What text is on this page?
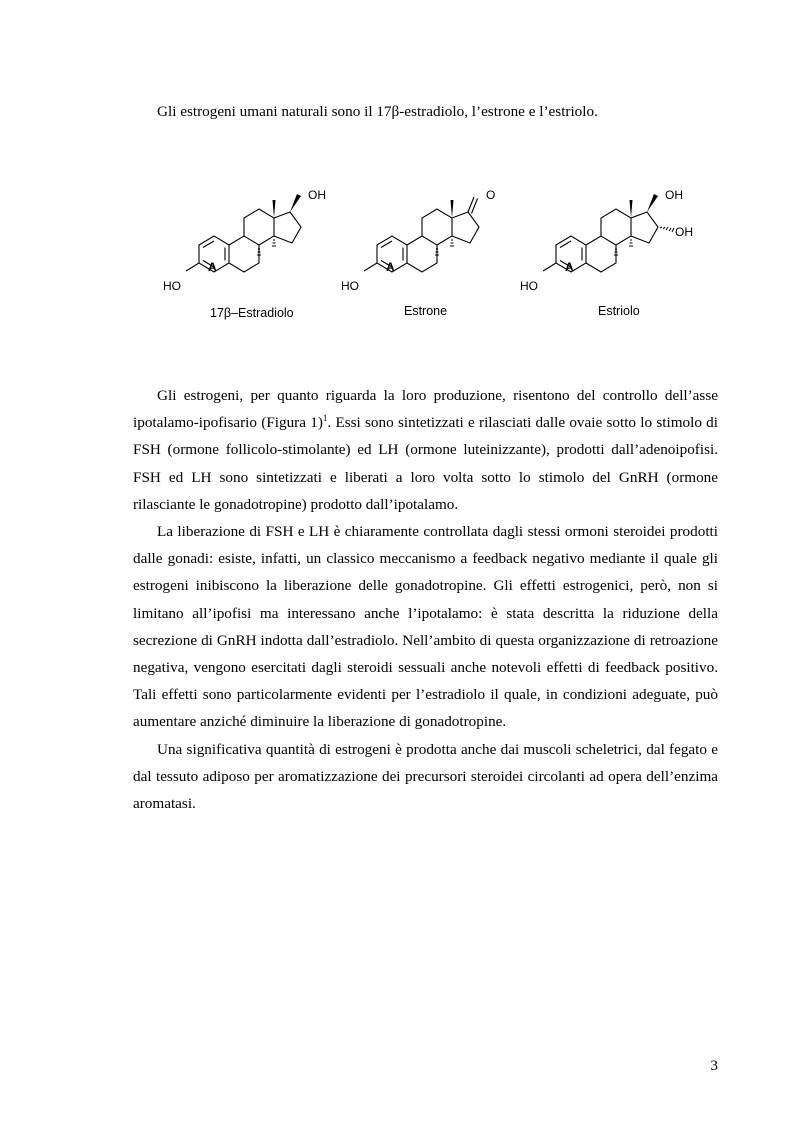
Gli estrogeni umani naturali sono il 17β-estradiolo, l’estrone e l’estriolo.

A
HO
OH
17β–Estradiolo
A
HO
O
Estrone
A
HO
OH
OH
Estriolo

Gli estrogeni, per quanto riguarda la loro produzione, risentono del controllo dell’asse ipotalamo-ipofisario (Figura 1)$^1$. Essi sono sintetizzati e rilasciati dalle ovaie sotto lo stimolo di FSH (ormone follicolo-stimolante) ed LH (ormone luteinizzante), prodotti dall’adenoipofisi. FSH ed LH sono sintetizzati e liberati a loro volta sotto lo stimolo del GnRH (ormone rilasciante le gonadotropine) prodotto dall’ipotalamo.

La liberazione di FSH e LH è chiaramente controllata dagli stessi ormoni steroidei prodotti dalle gonadi: esiste, infatti, un classico meccanismo a feedback negativo mediante il quale gli estrogeni inibiscono la liberazione delle gonadotropine. Gli effetti estrogenici, però, non si limitano all’ipofisi ma interessano anche l’ipotalamo: è stata descritta la riduzione della secrezione di GnRH indotta dall’estradiolo. Nell’ambito di questa organizzazione di retroazione negativa, vengono esercitati dagli steroidi sessuali anche notevoli effetti di feedback positivo. Tali effetti sono particolarmente evidenti per l’estradiolo il quale, in condizioni adeguate, può aumentare anziché diminuire la liberazione di gonadotropine.

Una significativa quantità di estrogeni è prodotta anche dai muscoli scheletrici, dal fegato e dal tessuto adiposo per aromatizzazione dei precursori steroidei circolanti ad opera dell’enzima aromatasi.

3
